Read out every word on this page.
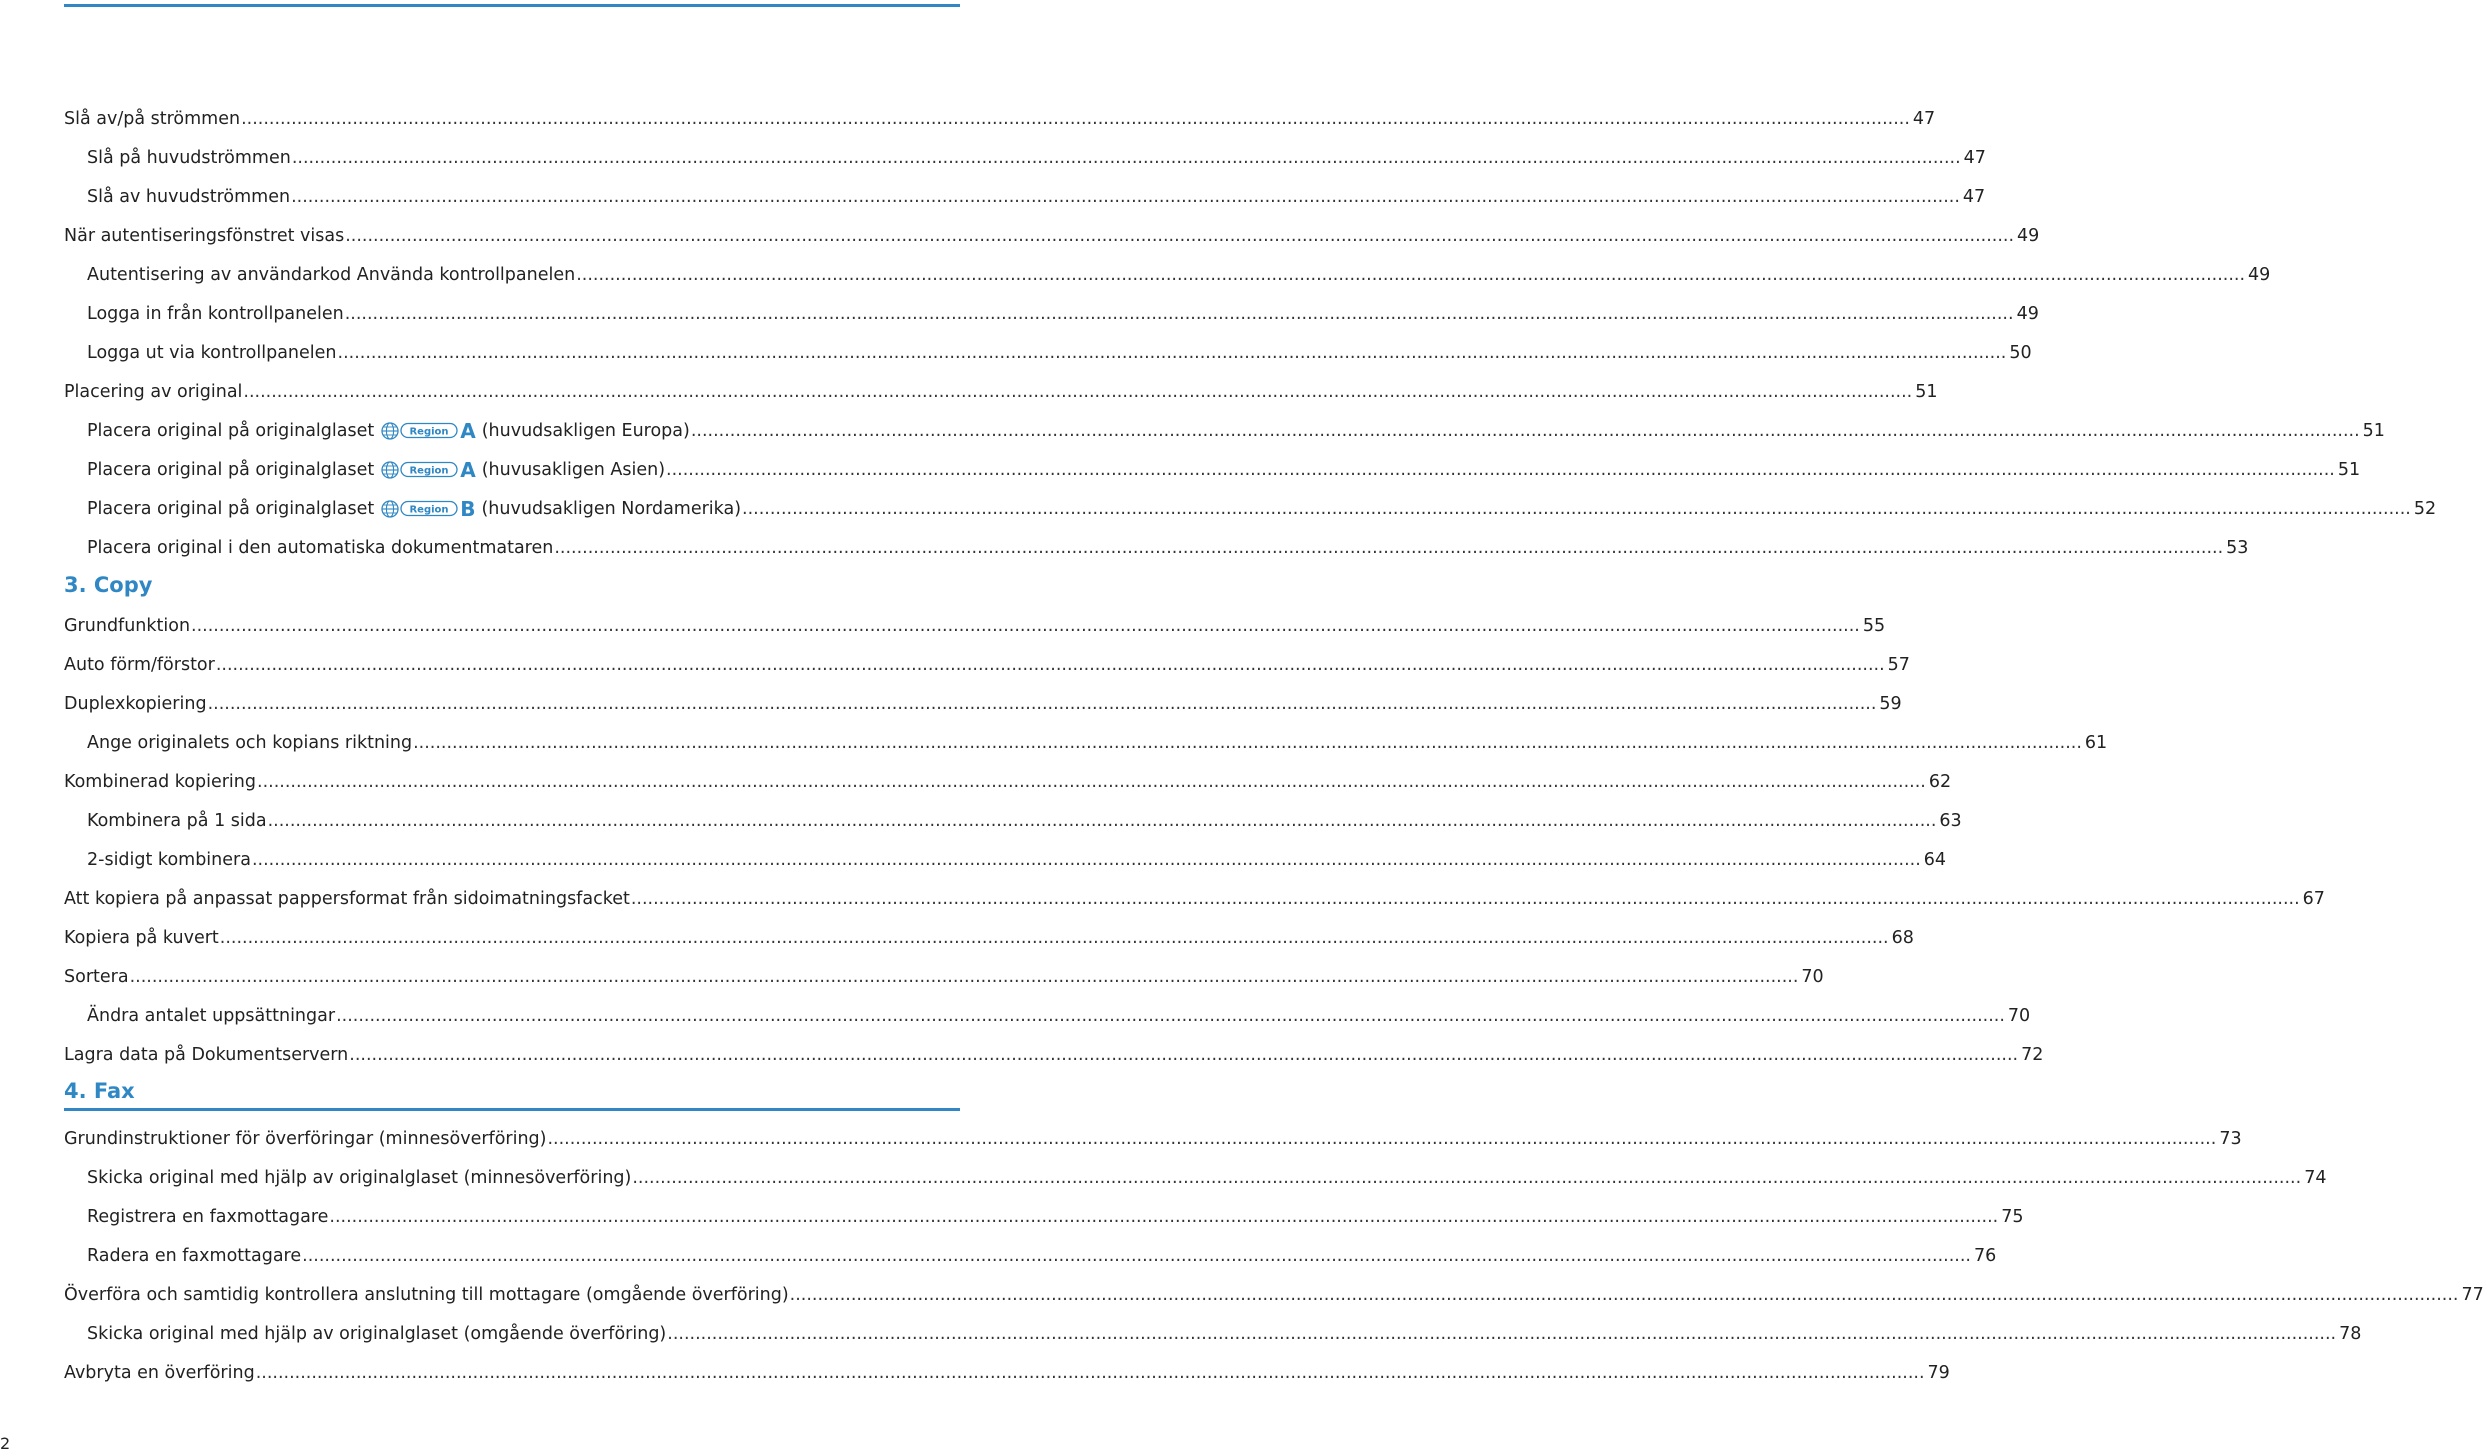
Slå av/på strömmen ............................................................................................................................................................................................................................................................................................................ 47
Slå på huvudströmmen ............................................................................................................................................................................................................................................................................................................ 47
Slå av huvudströmmen ............................................................................................................................................................................................................................................................................................................ 47
När autentiseringsfönstret visas ............................................................................................................................................................................................................................................................................................................ 49
Autentisering av användarkod Använda kontrollpanelen ............................................................................................................................................................................................................................................................................................................ 49
Logga in från kontrollpanelen ............................................................................................................................................................................................................................................................................................................ 49
Logga ut via kontrollpanelen ............................................................................................................................................................................................................................................................................................................ 50
Placering av original ............................................................................................................................................................................................................................................................................................................ 51
Placera original på originalglaset	Region A (huvudsakligen Europa) ............................................................................................................................................................................................................................................................................................................ 51
Placera original på originalglaset	Region A (huvusakligen Asien) ............................................................................................................................................................................................................................................................................................................ 51
Placera original på originalglaset	Region B (huvudsakligen Nordamerika) ............................................................................................................................................................................................................................................................................................................ 52
Placera original i den automatiska dokumentmataren ............................................................................................................................................................................................................................................................................................................ 53
3. Copy
Grundfunktion ............................................................................................................................................................................................................................................................................................................ 55
Auto förm/förstor ............................................................................................................................................................................................................................................................................................................ 57
Duplexkopiering ............................................................................................................................................................................................................................................................................................................ 59
Ange originalets och kopians riktning ............................................................................................................................................................................................................................................................................................................ 61
Kombinerad kopiering ............................................................................................................................................................................................................................................................................................................ 62
Kombinera på 1 sida ............................................................................................................................................................................................................................................................................................................ 63
2-sidigt kombinera ............................................................................................................................................................................................................................................................................................................ 64
Att kopiera på anpassat pappersformat från sidoimatningsfacket ............................................................................................................................................................................................................................................................................................................ 67
Kopiera på kuvert ............................................................................................................................................................................................................................................................................................................ 68
Sortera ............................................................................................................................................................................................................................................................................................................ 70
Ändra antalet uppsättningar ............................................................................................................................................................................................................................................................................................................ 70
Lagra data på Dokumentservern ............................................................................................................................................................................................................................................................................................................ 72
4. Fax
Grundinstruktioner för överföringar (minnesöverföring) ............................................................................................................................................................................................................................................................................................................ 73
Skicka original med hjälp av originalglaset (minnesöverföring) ............................................................................................................................................................................................................................................................................................................ 74
Registrera en faxmottagare ............................................................................................................................................................................................................................................................................................................ 75
Radera en faxmottagare ............................................................................................................................................................................................................................................................................................................ 76
Överföra och samtidig kontrollera anslutning till mottagare (omgående överföring) ............................................................................................................................................................................................................................................................................................................ 77
Skicka original med hjälp av originalglaset (omgående överföring) ............................................................................................................................................................................................................................................................................................................ 78
Avbryta en överföring ............................................................................................................................................................................................................................................................................................................ 79
2
